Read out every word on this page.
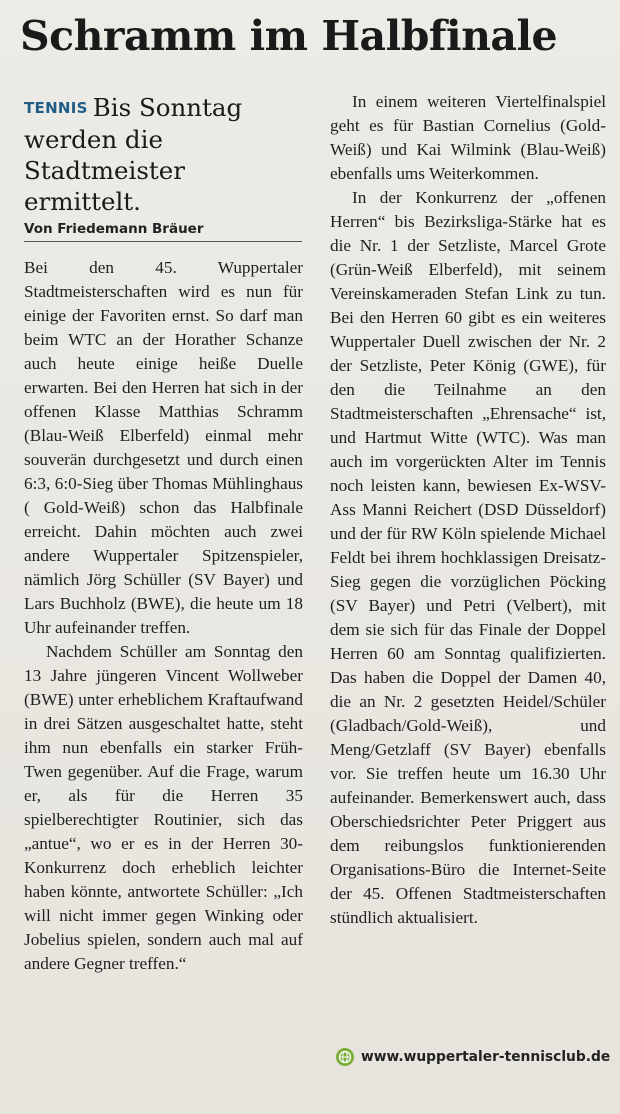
Schramm im Halbfinale
TENNIS Bis Sonntag werden die Stadtmeister ermittelt.
Von Friedemann Bräuer

Bei den 45. Wuppertaler Stadtmeisterschaften wird es nun für einige der Favoriten ernst. So darf man beim WTC an der Horather Schanze auch heute einige heiße Duelle erwarten. Bei den Herren hat sich in der offenen Klasse Matthias Schramm (Blau-Weiß Elberfeld) einmal mehr souverän durchgesetzt und durch einen 6:3, 6:0-Sieg über Thomas Mühlinghaus ( Gold-Weiß) schon das Halbfinale erreicht. Dahin möchten auch zwei andere Wuppertaler Spitzenspieler, nämlich Jörg Schüller (SV Bayer) und Lars Buchholz (BWE), die heute um 18 Uhr aufeinander treffen.

Nachdem Schüller am Sonntag den 13 Jahre jüngeren Vincent Wollweber (BWE) unter erheblichem Kraftaufwand in drei Sätzen ausgeschaltet hatte, steht ihm nun ebenfalls ein starker Früh-Twen gegenüber. Auf die Frage, warum er, als für die Herren 35 spielberechtigter Routinier, sich das „antue“, wo er es in der Herren 30-Konkurrenz doch erheblich leichter haben könnte, antwortete Schüller: „Ich will nicht immer gegen Winking oder Jobelius spielen, sondern auch mal auf andere Gegner treffen.“

In einem weiteren Viertelfinalspiel geht es für Bastian Cornelius (Gold-Weiß) und Kai Wilmink (Blau-Weiß) ebenfalls ums Weiterkommen.

In der Konkurrenz der „offenen Herren“ bis Bezirksliga-Stärke hat es die Nr. 1 der Setzliste, Marcel Grote (Grün-Weiß Elberfeld), mit seinem Vereinskameraden Stefan Link zu tun. Bei den Herren 60 gibt es ein weiteres Wuppertaler Duell zwischen der Nr. 2 der Setzliste, Peter König (GWE), für den die Teilnahme an den Stadtmeisterschaften „Ehrensache“ ist, und Hartmut Witte (WTC). Was man auch im vorgerückten Alter im Tennis noch leisten kann, bewiesen Ex-WSV-Ass Manni Reichert (DSD Düsseldorf) und der für RW Köln spielende Michael Feldt bei ihrem hochklassigen Dreisatz-Sieg gegen die vorzüglichen Pöcking (SV Bayer) und Petri (Velbert), mit dem sie sich für das Finale der Doppel Herren 60 am Sonntag qualifizierten. Das haben die Doppel der Damen 40, die an Nr. 2 gesetzten Heidel/Schüler (Gladbach/Gold-Weiß), und Meng/Getzlaff (SV Bayer) ebenfalls vor. Sie treffen heute um 16.30 Uhr aufeinander. Bemerkenswert auch, dass Oberschiedsrichter Peter Priggert aus dem reibungslos funktionierenden Organisations-Büro die Internet-Seite der 45. Offenen Stadtmeisterschaften stündlich aktualisiert.

www.wuppertaler-tennisclub.de
